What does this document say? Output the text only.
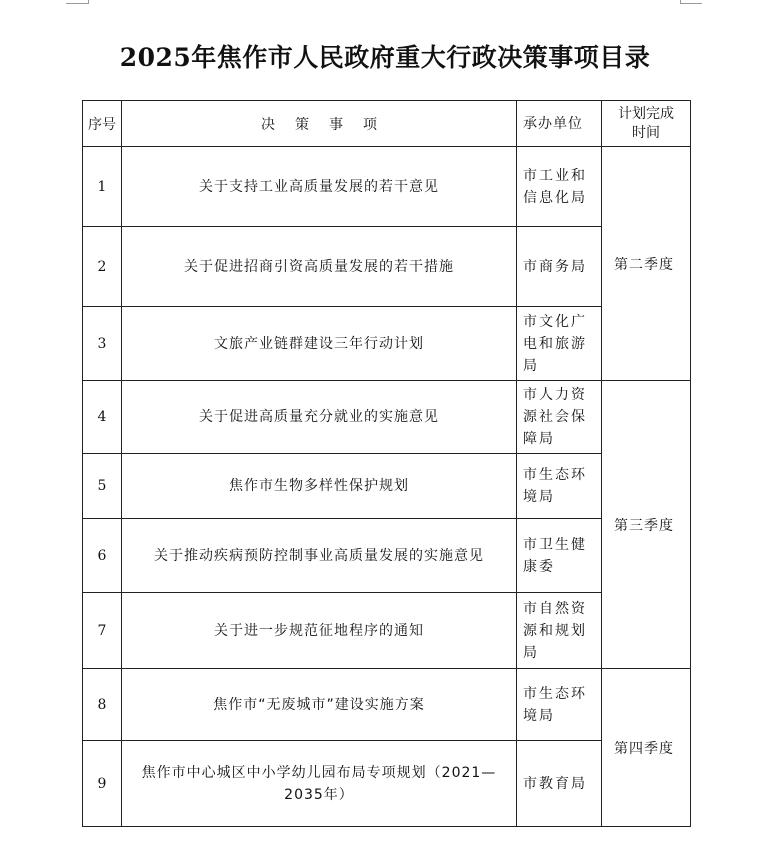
2025年焦作市人民政府重大行政决策事项目录
序号	决策事项	承办单位	计划完成时间
1	关于支持工业高质量发展的若干意见	市工业和信息化局	第二季度
2	关于促进招商引资高质量发展的若干措施	市商务局	
3	文旅产业链群建设三年行动计划	市文化广电和旅游局	
4	关于促进高质量充分就业的实施意见	市人力资源社会保障局	第三季度
5	焦作市生物多样性保护规划	市生态环境局	
6	关于推动疾病预防控制事业高质量发展的实施意见	市卫生健康委	
7	关于进一步规范征地程序的通知	市自然资源和规划局	
8	焦作市“无废城市”建设实施方案	市生态环境局	第四季度
9	焦作市中心城区中小学幼儿园布局专项规划（2021—2035年）	市教育局	
